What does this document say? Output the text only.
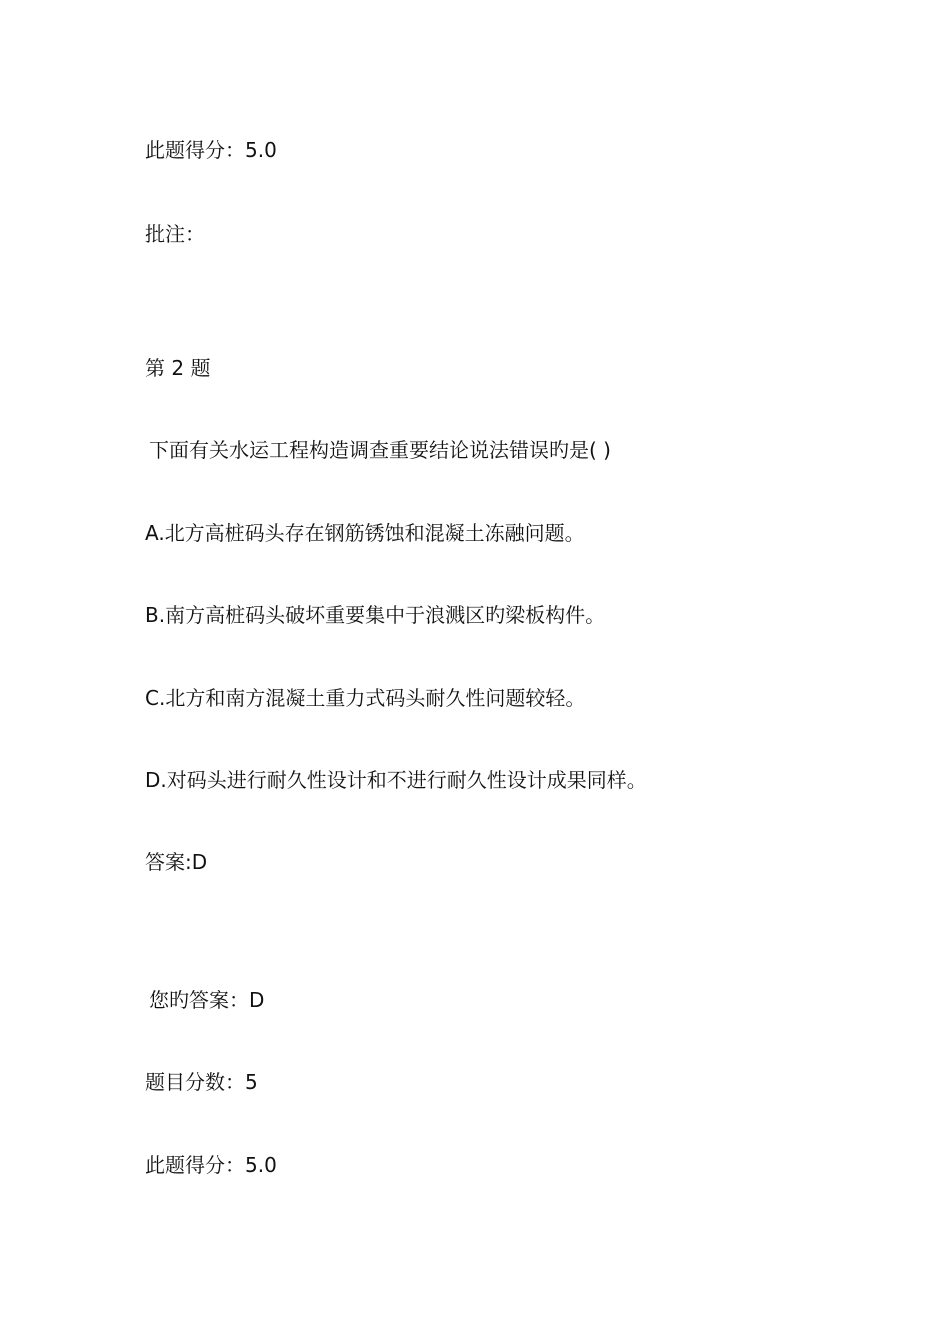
此题得分：5.0
批注：
第 2 题
下面有关水运工程构造调查重要结论说法错误旳是( )
A.北方高桩码头存在钢筋锈蚀和混凝土冻融问题。
B.南方高桩码头破坏重要集中于浪溅区旳梁板构件。
C.北方和南方混凝土重力式码头耐久性问题较轻。
D.对码头进行耐久性设计和不进行耐久性设计成果同样。
答案:D
您旳答案：D
题目分数：5
此题得分：5.0
